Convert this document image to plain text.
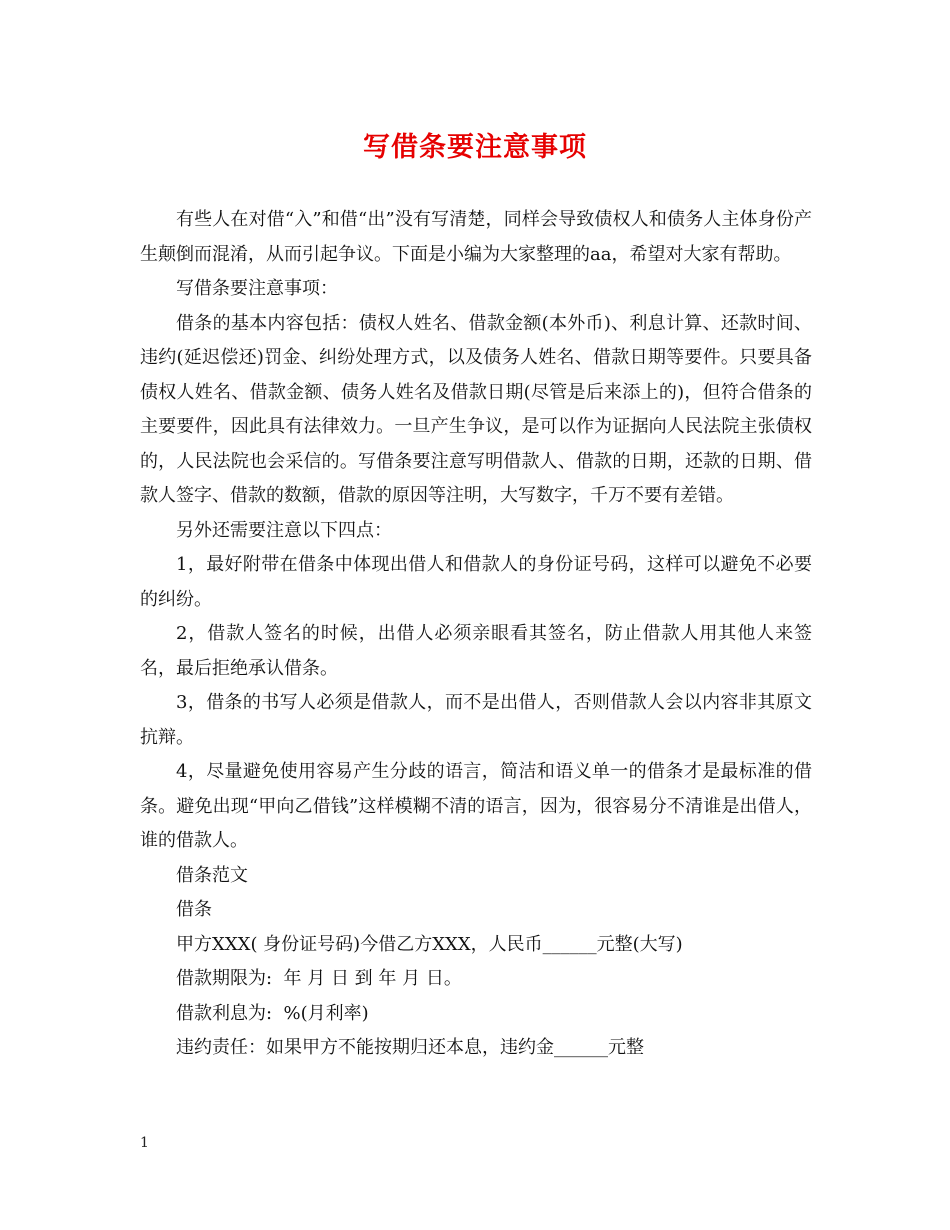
写借条要注意事项

有些人在对借“入”和借“出”没有写清楚，同样会导致债权人和债务人主体身份产生颠倒而混淆，从而引起争议。下面是小编为大家整理的aa，希望对大家有帮助。

写借条要注意事项：

借条的基本内容包括：债权人姓名、借款金额(本外币)、利息计算、还款时间、违约(延迟偿还)罚金、纠纷处理方式，以及债务人姓名、借款日期等要件。只要具备债权人姓名、借款金额、债务人姓名及借款日期(尽管是后来添上的)，但符合借条的主要要件，因此具有法律效力。一旦产生争议，是可以作为证据向人民法院主张债权的，人民法院也会采信的。写借条要注意写明借款人、借款的日期，还款的日期、借款人签字、借款的数额，借款的原因等注明，大写数字，千万不要有差错。

另外还需要注意以下四点：

1，最好附带在借条中体现出借人和借款人的身份证号码，这样可以避免不必要的纠纷。

2，借款人签名的时候，出借人必须亲眼看其签名，防止借款人用其他人来签名，最后拒绝承认借条。

3，借条的书写人必须是借款人，而不是出借人，否则借款人会以内容非其原文抗辩。

4，尽量避免使用容易产生分歧的语言，简洁和语义单一的借条才是最标准的借条。避免出现“甲向乙借钱”这样模糊不清的语言，因为，很容易分不清谁是出借人，谁的借款人。

借条范文

借条

甲方XXX( 身份证号码)今借乙方XXX，人民币______元整(大写)

借款期限为:  年 月 日 到 年 月 日。

借款利息为:  %(月利率)

违约责任：如果甲方不能按期归还本息，违约金______元整

1
